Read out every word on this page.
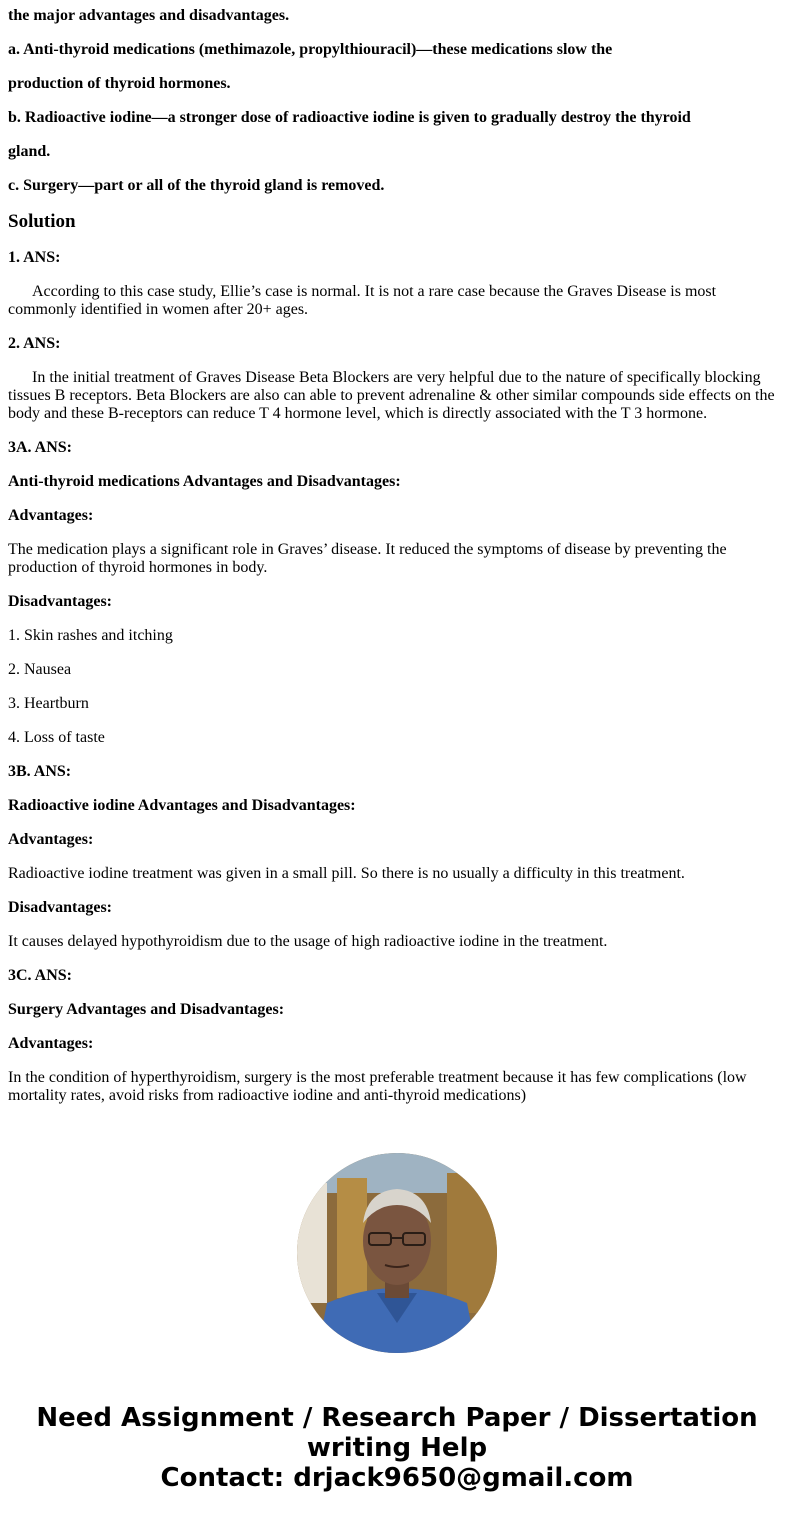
the major advantages and disadvantages.
a. Anti-thyroid medications (methimazole, propylthiouracil)—these medications slow the
production of thyroid hormones.
b. Radioactive iodine—a stronger dose of radioactive iodine is given to gradually destroy the thyroid
gland.
c. Surgery—part or all of the thyroid gland is removed.
Solution
1. ANS:
According to this case study, Ellie’s case is normal. It is not a rare case because the Graves Disease is most commonly identified in women after 20+ ages.
2. ANS:
In the initial treatment of Graves Disease Beta Blockers are very helpful due to the nature of specifically blocking tissues B receptors. Beta Blockers are also can able to prevent adrenaline & other similar compounds side effects on the body and these B-receptors can reduce T 4 hormone level, which is directly associated with the T 3 hormone.
3A. ANS:
Anti-thyroid medications Advantages and Disadvantages:
Advantages:
The medication plays a significant role in Graves’ disease. It reduced the symptoms of disease by preventing the production of thyroid hormones in body.
Disadvantages:
1. Skin rashes and itching
2. Nausea
3. Heartburn
4. Loss of taste
3B. ANS:
Radioactive iodine Advantages and Disadvantages:
Advantages:
Radioactive iodine treatment was given in a small pill. So there is no usually a difficulty in this treatment.
Disadvantages:
It causes delayed hypothyroidism due to the usage of high radioactive iodine in the treatment.
3C. ANS:
Surgery Advantages and Disadvantages:
Advantages:
In the condition of hyperthyroidism, surgery is the most preferable treatment because it has few complications (low mortality rates, avoid risks from radioactive iodine and anti-thyroid medications)
Need Assignment / Research Paper / Dissertation
writing Help
Contact: drjack9650@gmail.com
